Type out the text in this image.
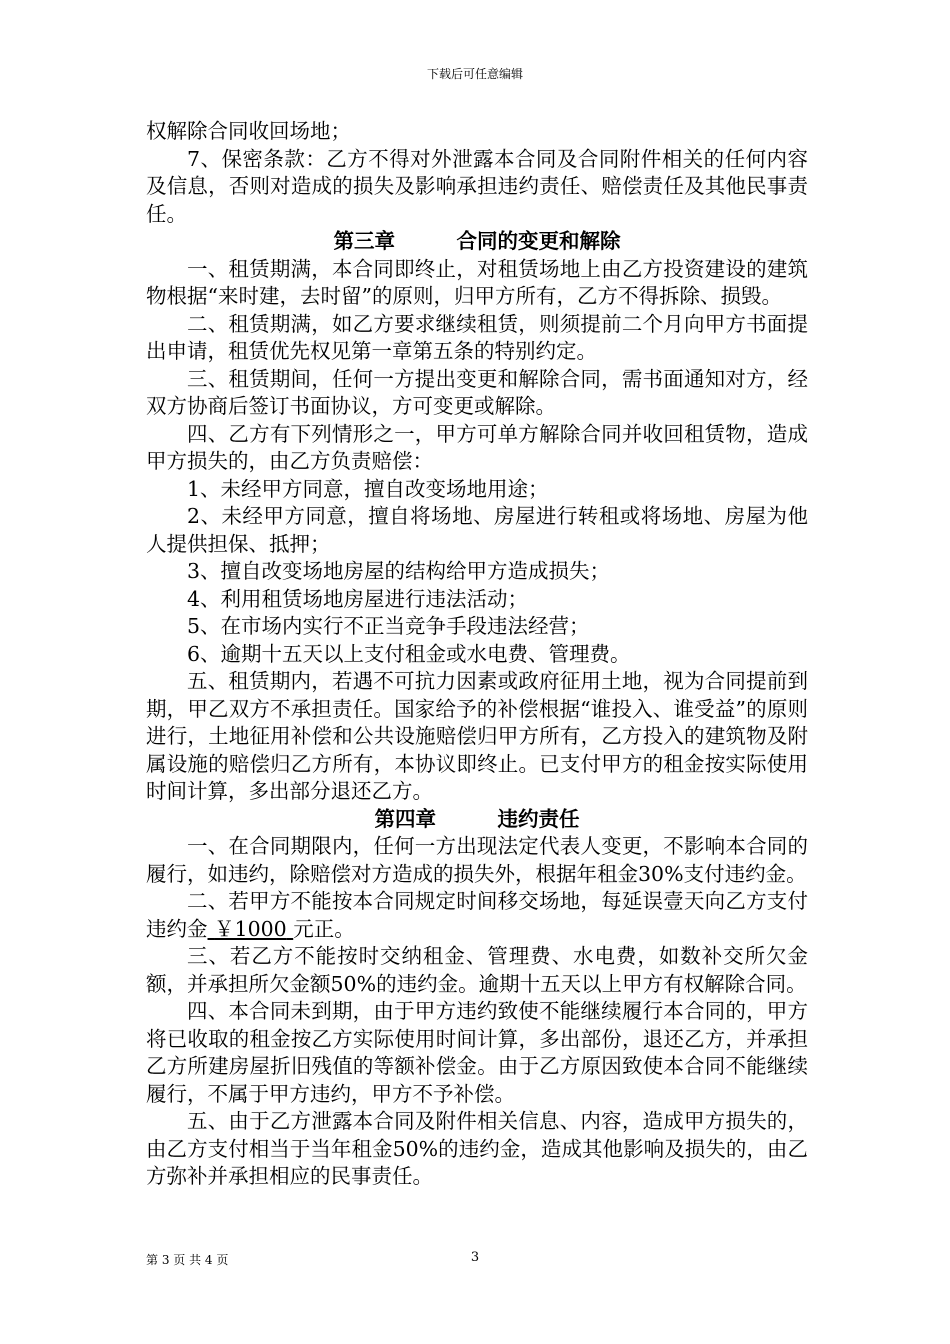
下载后可任意编辑

权解除合同收回场地；

7、保密条款：乙方不得对外泄露本合同及合同附件相关的任何内容及信息，否则对造成的损失及影响承担违约责任、赔偿责任及其他民事责任。

第三章	合同的变更和解除

一、租赁期满，本合同即终止，对租赁场地上由乙方投资建设的建筑物根据“来时建，去时留”的原则，归甲方所有，乙方不得拆除、损毁。

二、租赁期满，如乙方要求继续租赁，则须提前二个月向甲方书面提出申请，租赁优先权见第一章第五条的特别约定。

三、租赁期间，任何一方提出变更和解除合同，需书面通知对方，经双方协商后签订书面协议，方可变更或解除。

四、乙方有下列情形之一，甲方可单方解除合同并收回租赁物，造成甲方损失的，由乙方负责赔偿：

1、未经甲方同意，擅自改变场地用途；

2、未经甲方同意，擅自将场地、房屋进行转租或将场地、房屋为他人提供担保、抵押；

3、擅自改变场地房屋的结构给甲方造成损失；

4、利用租赁场地房屋进行违法活动；

5、在市场内实行不正当竞争手段违法经营；

6、逾期十五天以上支付租金或水电费、管理费。

五、租赁期内，若遇不可抗力因素或政府征用土地，视为合同提前到期，甲乙双方不承担责任。国家给予的补偿根据“谁投入、谁受益”的原则进行，土地征用补偿和公共设施赔偿归甲方所有，乙方投入的建筑物及附属设施的赔偿归乙方所有，本协议即终止。已支付甲方的租金按实际使用时间计算，多出部分退还乙方。

第四章	违约责任

一、在合同期限内，任何一方出现法定代表人变更，不影响本合同的履行，如违约，除赔偿对方造成的损失外，根据年租金30%支付违约金。

二、若甲方不能按本合同规定时间移交场地，每延误壹天向乙方支付违约金 ￥1000 元正。

三、若乙方不能按时交纳租金、管理费、水电费，如数补交所欠金额，并承担所欠金额50%的违约金。逾期十五天以上甲方有权解除合同。

四、本合同未到期，由于甲方违约致使不能继续履行本合同的，甲方将已收取的租金按乙方实际使用时间计算，多出部份，退还乙方，并承担乙方所建房屋折旧残值的等额补偿金。由于乙方原因致使本合同不能继续履行，不属于甲方违约，甲方不予补偿。

五、由于乙方泄露本合同及附件相关信息、内容，造成甲方损失的，由乙方支付相当于当年租金50%的违约金，造成其他影响及损失的，由乙方弥补并承担相应的民事责任。

第 3 页 共 4 页	3
